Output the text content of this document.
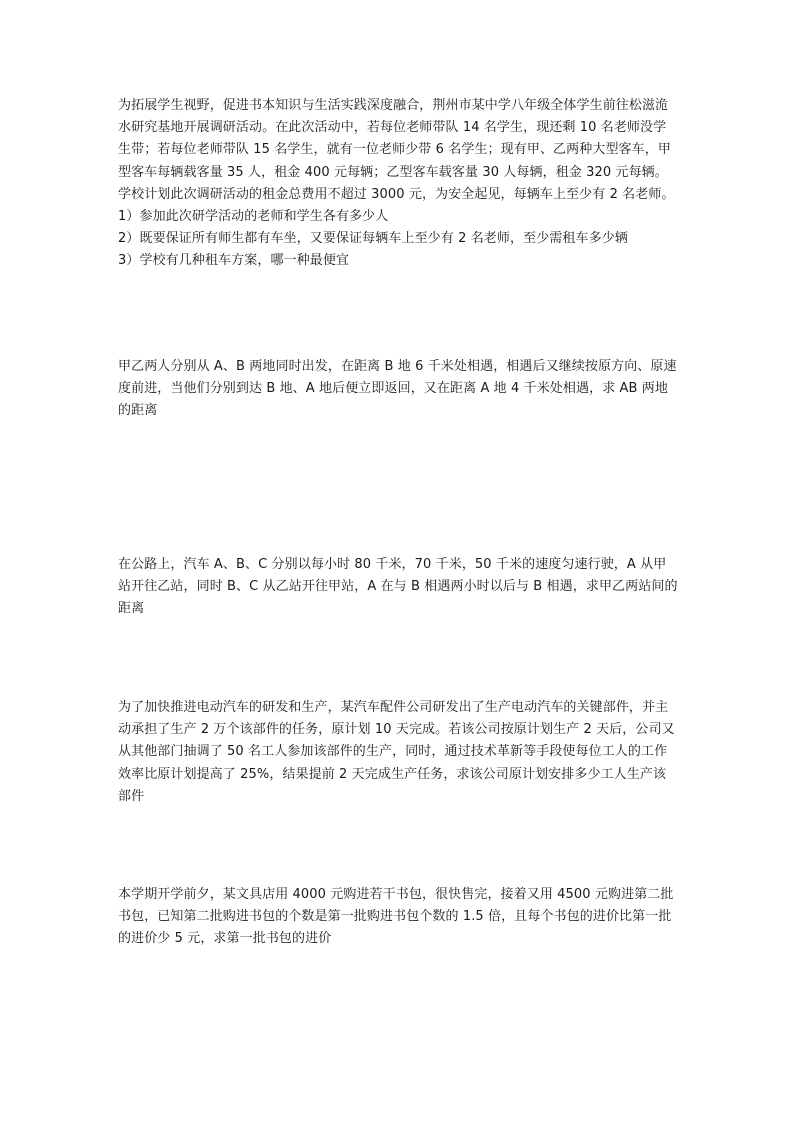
为拓展学生视野，促进书本知识与生活实践深度融合，荆州市某中学八年级全体学生前往松滋洈水研究基地开展调研活动。在此次活动中，若每位老师带队 14 名学生，现还剩 10 名老师没学生带；若每位老师带队 15 名学生，就有一位老师少带 6 名学生；现有甲、乙两种大型客车，甲型客车每辆载客量 35 人，租金 400 元每辆；乙型客车载客量 30 人每辆，租金 320 元每辆。学校计划此次调研活动的租金总费用不超过 3000 元，为安全起见，每辆车上至少有 2 名老师。

1）参加此次研学活动的老师和学生各有多少人
2）既要保证所有师生都有车坐，又要保证每辆车上至少有 2 名老师，至少需租车多少辆
3）学校有几种租车方案，哪一种最便宜

甲乙两人分别从 A、B 两地同时出发，在距离 B 地 6 千米处相遇，相遇后又继续按原方向、原速度前进，当他们分别到达 B 地、A 地后便立即返回，又在距离 A 地 4 千米处相遇，求 AB 两地的距离

在公路上，汽车 A、B、C 分别以每小时 80 千米，70 千米，50 千米的速度匀速行驶，A 从甲站开往乙站，同时 B、C 从乙站开往甲站，A 在与 B 相遇两小时以后与 B 相遇，求甲乙两站间的距离

为了加快推进电动汽车的研发和生产，某汽车配件公司研发出了生产电动汽车的关键部件，并主动承担了生产 2 万个该部件的任务，原计划 10 天完成。若该公司按原计划生产 2 天后，公司又从其他部门抽调了 50 名工人参加该部件的生产，同时，通过技术革新等手段使每位工人的工作效率比原计划提高了 25%，结果提前 2 天完成生产任务，求该公司原计划安排多少工人生产该部件

本学期开学前夕，某文具店用 4000 元购进若干书包，很快售完，接着又用 4500 元购进第二批书包，已知第二批购进书包的个数是第一批购进书包个数的 1.5 倍，且每个书包的进价比第一批的进价少 5 元，求第一批书包的进价
